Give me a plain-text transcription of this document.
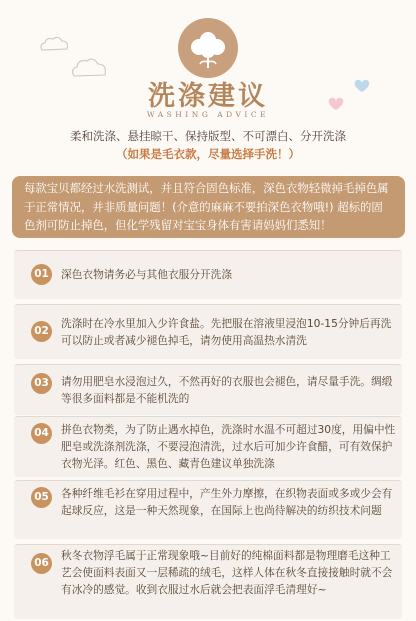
洗涤建议
WASHING ADVICE
柔和洗涤、悬挂晾干、保持版型、不可漂白、分开洗涤
（如果是毛衣款，尽量选择手洗！）
每款宝贝都经过水洗测试，并且符合固色标准，深色衣物轻微掉毛掉色属于正常情况，并非质量问题！(介意的麻麻不要拍深色衣物哦!) 超标的固色剂可防止掉色，但化学残留对宝宝身体有害请妈妈们悉知！
01 深色衣物请务必与其他衣服分开洗涤
02
洗涤时在冷水里加入少许食盐。先把服在溶液里浸泡10-15分钟后再洗可以防止或者减少褪色掉毛，请勿使用高温热水清洗
03 请勿用肥皂水浸泡过久，不然再好的衣服也会褪色，请尽量手洗。绸缎等很多面料都是不能机洗的
04 拼色衣物类，为了防止遇水掉色，洗涤时水温不可超过30度，用偏中性肥皂或洗涤剂洗涤，不要浸泡清洗，过水后可加少许食醋，可有效保护衣物光泽。红色、黑色、藏青色建议单独洗涤
05 各种纤维毛衫在穿用过程中，产生外力摩擦，在织物表面或多或少会有起球反应，这是一种天然现象，在国际上也尚待解决的纺织技术问题
06
秋冬衣物浮毛属于正常现象哦~目前好的纯棉面料都是物理磨毛这种工艺会使面料表面又一层稀疏的绒毛，这样人体在秋冬直接接触时就不会有冰冷的感觉。收到衣服过水后就会把表面浮毛清理好~
